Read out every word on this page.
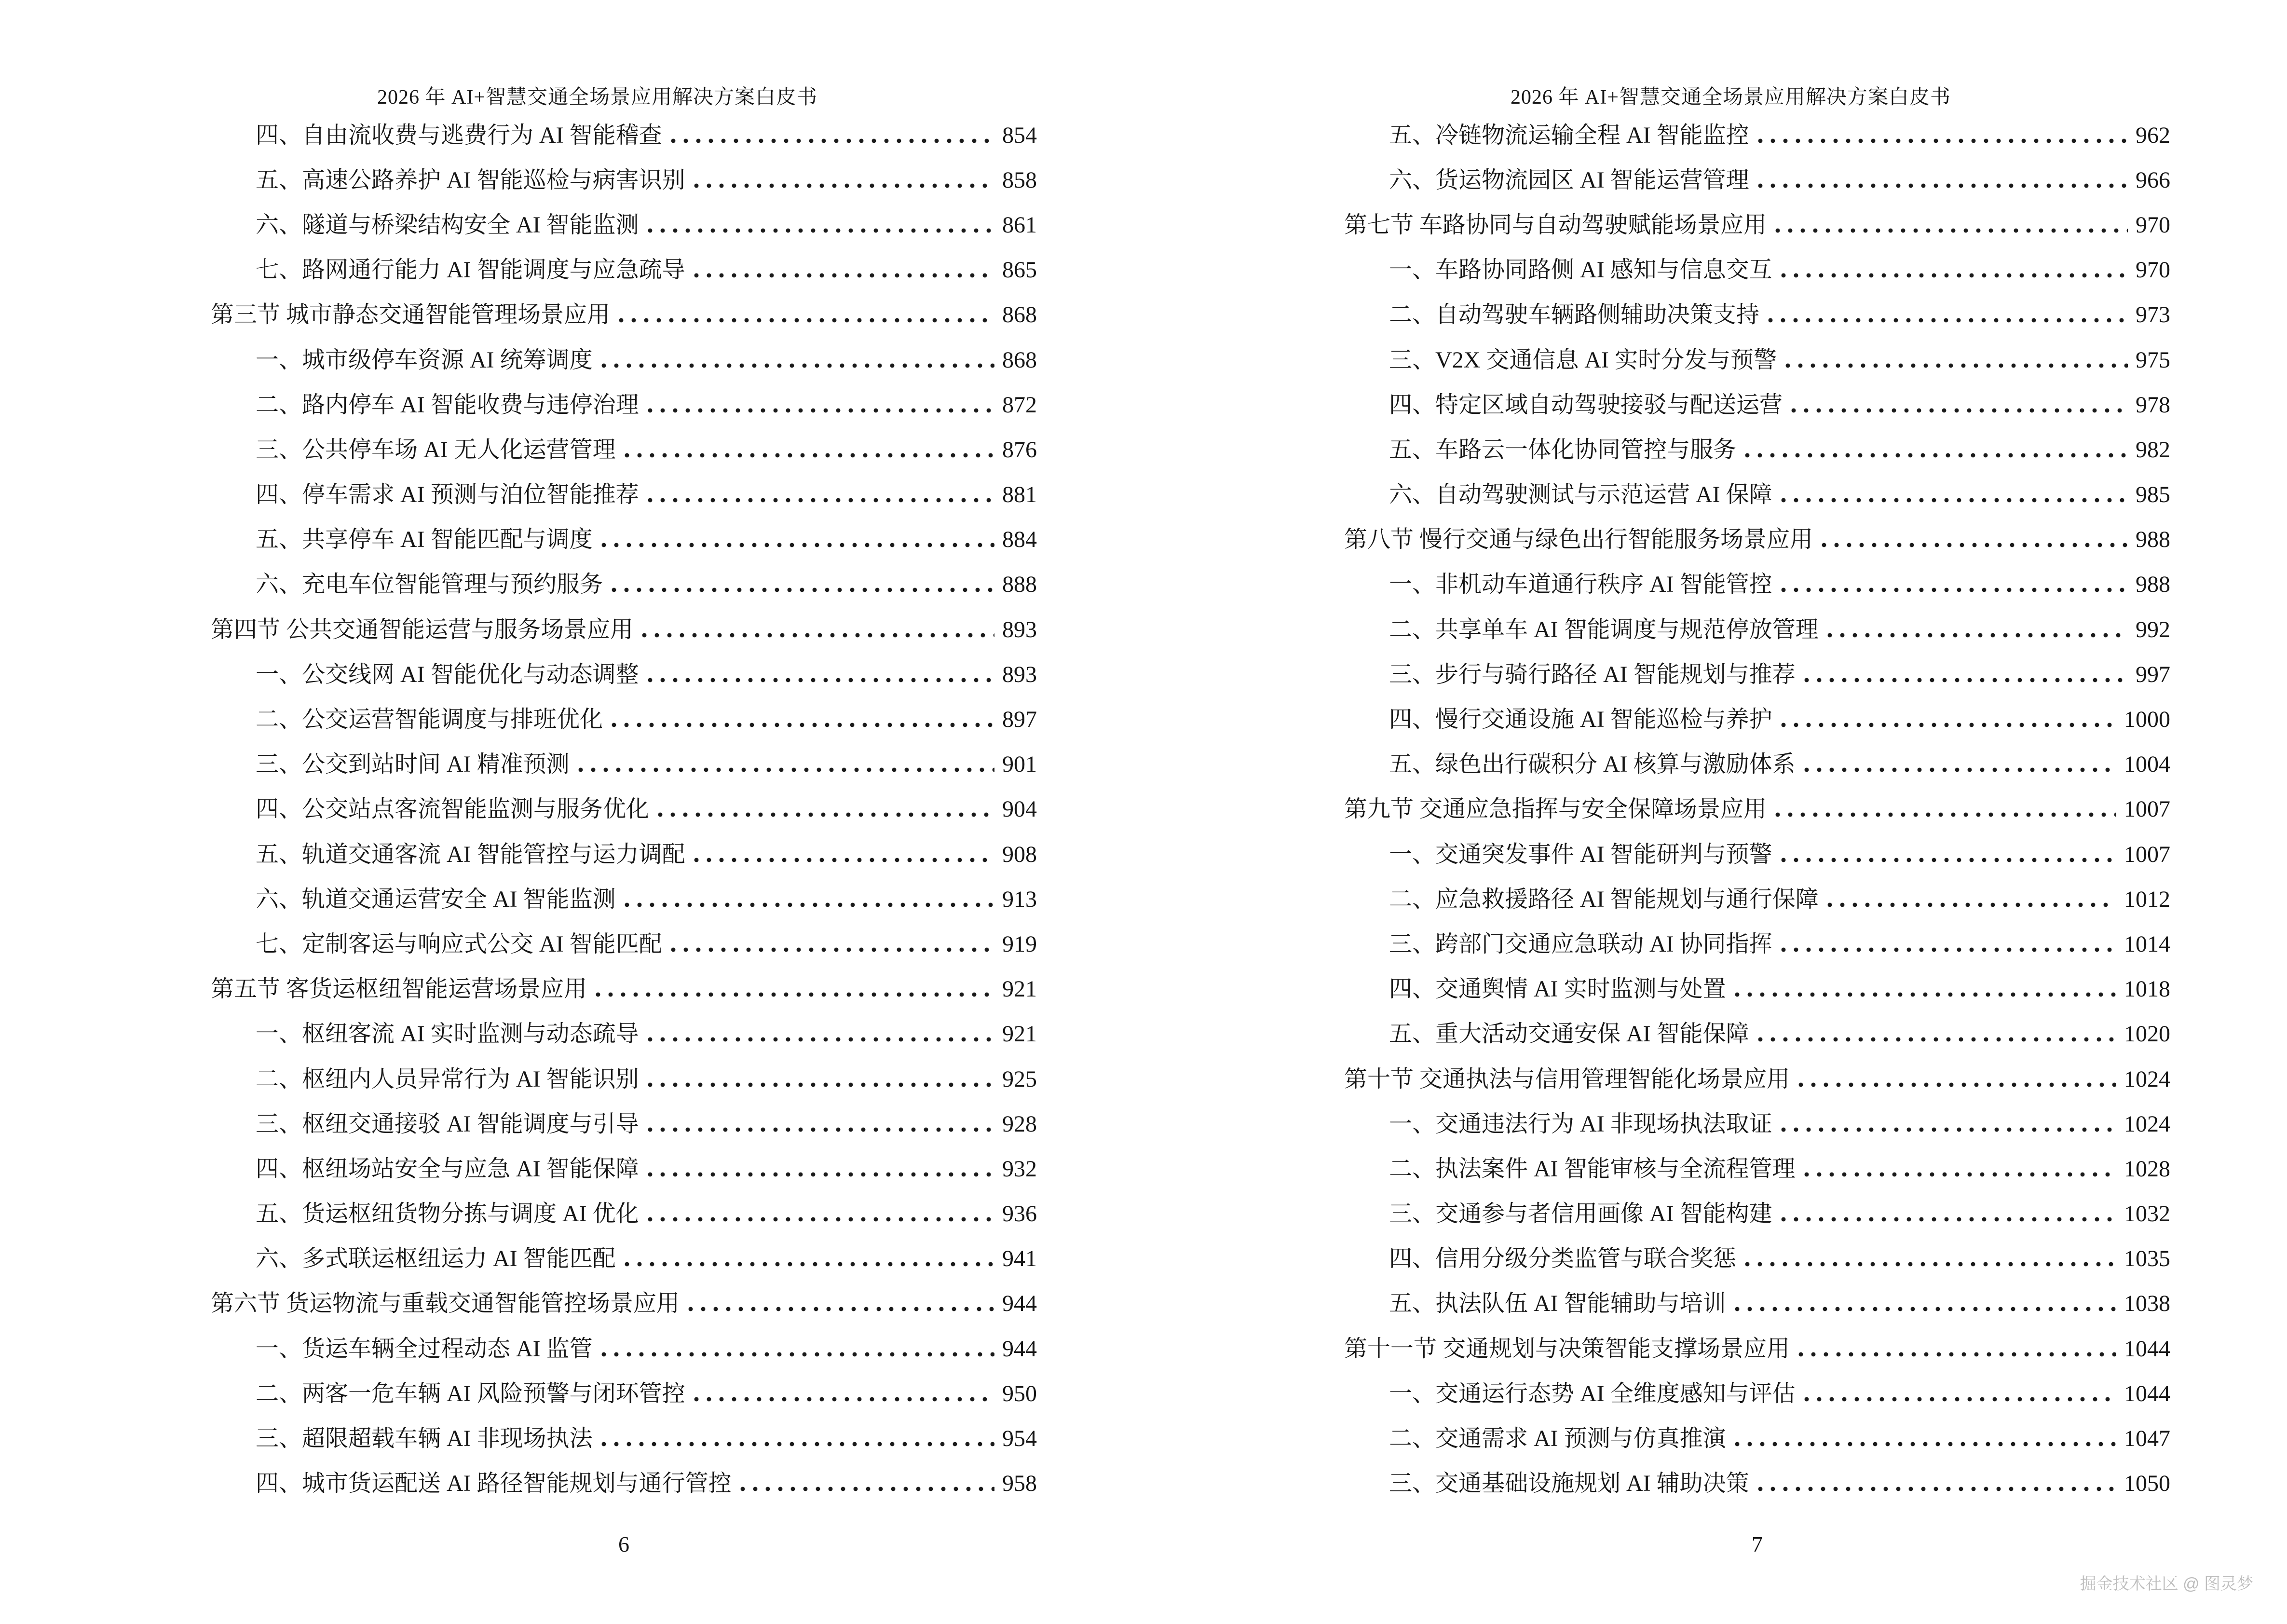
2026 年 AI+智慧交通全场景应用解决方案白皮书
四、自由流收费与逃费行为 AI 智能稽查	854
五、高速公路养护 AI 智能巡检与病害识别	858
六、隧道与桥梁结构安全 AI 智能监测	861
七、路网通行能力 AI 智能调度与应急疏导	865
第三节 城市静态交通智能管理场景应用	868
一、城市级停车资源 AI 统筹调度	868
二、路内停车 AI 智能收费与违停治理	872
三、公共停车场 AI 无人化运营管理	876
四、停车需求 AI 预测与泊位智能推荐	881
五、共享停车 AI 智能匹配与调度	884
六、充电车位智能管理与预约服务	888
第四节 公共交通智能运营与服务场景应用	893
一、公交线网 AI 智能优化与动态调整	893
二、公交运营智能调度与排班优化	897
三、公交到站时间 AI 精准预测	901
四、公交站点客流智能监测与服务优化	904
五、轨道交通客流 AI 智能管控与运力调配	908
六、轨道交通运营安全 AI 智能监测	913
七、定制客运与响应式公交 AI 智能匹配	919
第五节 客货运枢纽智能运营场景应用	921
一、枢纽客流 AI 实时监测与动态疏导	921
二、枢纽内人员异常行为 AI 智能识别	925
三、枢纽交通接驳 AI 智能调度与引导	928
四、枢纽场站安全与应急 AI 智能保障	932
五、货运枢纽货物分拣与调度 AI 优化	936
六、多式联运枢纽运力 AI 智能匹配	941
第六节 货运物流与重载交通智能管控场景应用	944
一、货运车辆全过程动态 AI 监管	944
二、两客一危车辆 AI 风险预警与闭环管控	950
三、超限超载车辆 AI 非现场执法	954
四、城市货运配送 AI 路径智能规划与通行管控	958
6
2026 年 AI+智慧交通全场景应用解决方案白皮书
五、冷链物流运输全程 AI 智能监控	962
六、货运物流园区 AI 智能运营管理	966
第七节 车路协同与自动驾驶赋能场景应用	970
一、车路协同路侧 AI 感知与信息交互	970
二、自动驾驶车辆路侧辅助决策支持	973
三、V2X 交通信息 AI 实时分发与预警	975
四、特定区域自动驾驶接驳与配送运营	978
五、车路云一体化协同管控与服务	982
六、自动驾驶测试与示范运营 AI 保障	985
第八节 慢行交通与绿色出行智能服务场景应用	988
一、非机动车道通行秩序 AI 智能管控	988
二、共享单车 AI 智能调度与规范停放管理	992
三、步行与骑行路径 AI 智能规划与推荐	997
四、慢行交通设施 AI 智能巡检与养护	1000
五、绿色出行碳积分 AI 核算与激励体系	1004
第九节 交通应急指挥与安全保障场景应用	1007
一、交通突发事件 AI 智能研判与预警	1007
二、应急救援路径 AI 智能规划与通行保障	1012
三、跨部门交通应急联动 AI 协同指挥	1014
四、交通舆情 AI 实时监测与处置	1018
五、重大活动交通安保 AI 智能保障	1020
第十节 交通执法与信用管理智能化场景应用	1024
一、交通违法行为 AI 非现场执法取证	1024
二、执法案件 AI 智能审核与全流程管理	1028
三、交通参与者信用画像 AI 智能构建	1032
四、信用分级分类监管与联合奖惩	1035
五、执法队伍 AI 智能辅助与培训	1038
第十一节 交通规划与决策智能支撑场景应用	1044
一、交通运行态势 AI 全维度感知与评估	1044
二、交通需求 AI 预测与仿真推演	1047
三、交通基础设施规划 AI 辅助决策	1050
7
掘金技术社区 @ 图灵梦
